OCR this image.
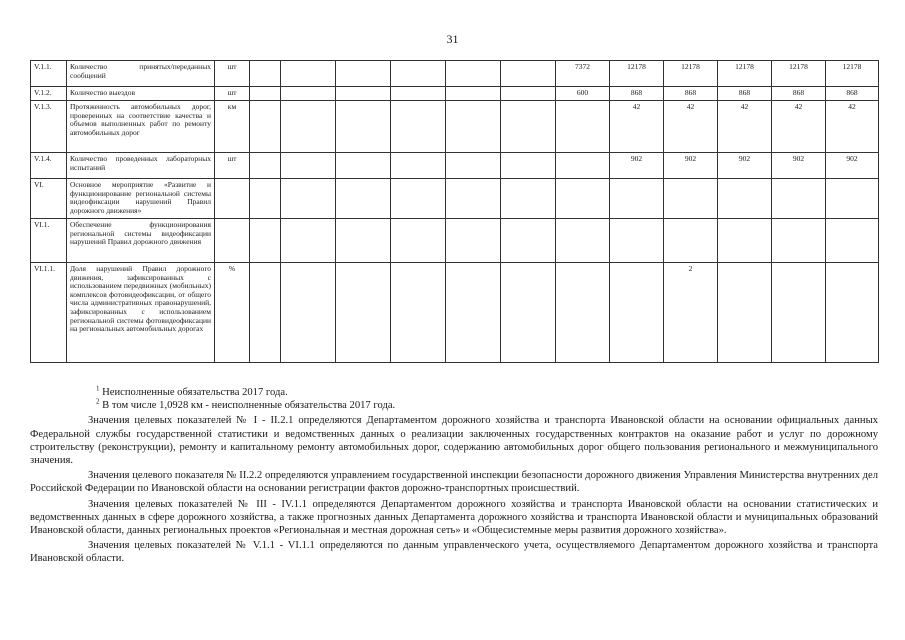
31
V.1.1.	Количество принятых/переданных сообщений	шт							7372	12178	12178	12178	12178	12178	
V.1.2.	Количество выездов	шт							600	868	868	868	868	868	
V.1.3.	Протяженность автомобильных дорог, проверенных на соответствие качества и объемов выполненных работ по ремонту автомобильных дорог	км								42	42	42	42	42	
V.1.4.	Количество проведенных лабораторных испытаний	шт								902	902	902	902	902	
VI.	Основное мероприятие «Развитие и функционирование региональной системы видеофиксации нарушений Правил дорожного движения»														
VI.1.	Обеспечение функционирования региональной системы видеофиксации нарушений Правил дорожного движения														
VI.1.1.	Доля нарушений Правил дорожного движения, зафиксированных с использованием передвижных (мобильных) комплексов фотовидеофиксации, от общего числа административных правонарушений, зафиксированных с использованием региональной системы фотовидеофиксации на региональных автомобильных дорогах	%									2				
$^1$ Неисполненные обязательства 2017 года.
$^2$ В том числе 1,0928 км - неисполненные обязательства 2017 года.

Значения целевых показателей № I - II.2.1 определяются Департаментом дорожного хозяйства и транспорта Ивановской области на основании официальных данных Федеральной службы государственной статистики и ведомственных данных о реализации заключенных государственных контрактов на оказание работ и услуг по дорожному строительству (реконструкции), ремонту и капитальному ремонту автомобильных дорог, содержанию автомобильных дорог общего пользования регионального и межмуниципального значения.

Значения целевого показателя № II.2.2 определяются управлением государственной инспекции безопасности дорожного движения Управления Министерства внутренних дел Российской Федерации по Ивановской области на основании регистрации фактов дорожно-транспортных происшествий.

Значения целевых показателей № III - IV.1.1 определяются Департаментом дорожного хозяйства и транспорта Ивановской области на основании статистических и ведомственных данных в сфере дорожного хозяйства, а также прогнозных данных Департамента дорожного хозяйства и транспорта Ивановской области и муниципальных образований Ивановской области, данных региональных проектов «Региональная и местная дорожная сеть» и «Общесистемные меры развития дорожного хозяйства».

Значения целевых показателей № V.1.1 - VI.1.1 определяются по данным управленческого учета, осуществляемого Департаментом дорожного хозяйства и транспорта Ивановской области.
